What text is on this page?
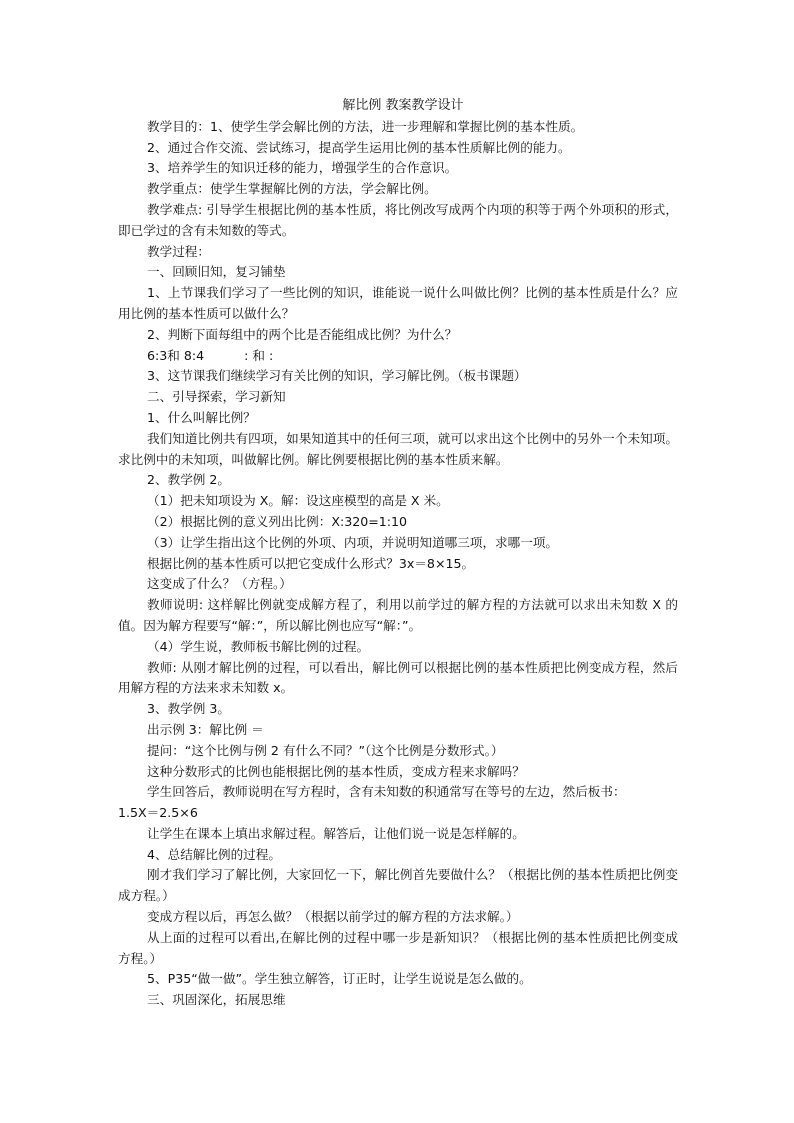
解比例 教案教学设计
教学目的：1、使学生学会解比例的方法，进一步理解和掌握比例的基本性质。
2、通过合作交流、尝试练习，提高学生运用比例的基本性质解比例的能力。
3、培养学生的知识迁移的能力，增强学生的合作意识。
教学重点：使学生掌握解比例的方法，学会解比例。
教学难点: 引导学生根据比例的基本性质，将比例改写成两个内项的积等于两个外项积的形式，即已学过的含有未知数的等式。
教学过程：
一、回顾旧知，复习铺垫
1、上节课我们学习了一些比例的知识，谁能说一说什么叫做比例？比例的基本性质是什么？应用比例的基本性质可以做什么？
2、判断下面每组中的两个比是否能组成比例？为什么？
6:3和 8:4          : 和 :
3、这节课我们继续学习有关比例的知识，学习解比例。（板书课题）
二、引导探索，学习新知
1、什么叫解比例？
我们知道比例共有四项，如果知道其中的任何三项，就可以求出这个比例中的另外一个未知项。求比例中的未知项，叫做解比例。解比例要根据比例的基本性质来解。
2、教学例 2。
（1）把未知项设为 X。解：设这座模型的高是 X 米。
（2）根据比例的意义列出比例：X:320=1:10
（3）让学生指出这个比例的外项、内项，并说明知道哪三项，求哪一项。
根据比例的基本性质可以把它变成什么形式？3x＝8×15。
这变成了什么？（方程。）
教师说明: 这样解比例就变成解方程了，利用以前学过的解方程的方法就可以求出未知数 X 的值。因为解方程要写“解：”，所以解比例也应写“解：”。
（4）学生说，教师板书解比例的过程。
教师: 从刚才解比例的过程，可以看出，解比例可以根据比例的基本性质把比例变成方程，然后用解方程的方法来求未知数 x。
3、教学例 3。
出示例 3：解比例 ＝
提问：“这个比例与例 2 有什么不同？”（这个比例是分数形式。）
这种分数形式的比例也能根据比例的基本性质，变成方程来求解吗？
学生回答后，教师说明在写方程时，含有未知数的积通常写在等号的左边，然后板书：
1.5X＝2.5×6
让学生在课本上填出求解过程。解答后，让他们说一说是怎样解的。
4、总结解比例的过程。
刚才我们学习了解比例，大家回忆一下，解比例首先要做什么？（根据比例的基本性质把比例变成方程。）
变成方程以后，再怎么做？（根据以前学过的解方程的方法求解。）
从上面的过程可以看出,在解比例的过程中哪一步是新知识？（根据比例的基本性质把比例变成方程。）
5、P35“做一做”。学生独立解答，订正时，让学生说说是怎么做的。
三、巩固深化，拓展思维
